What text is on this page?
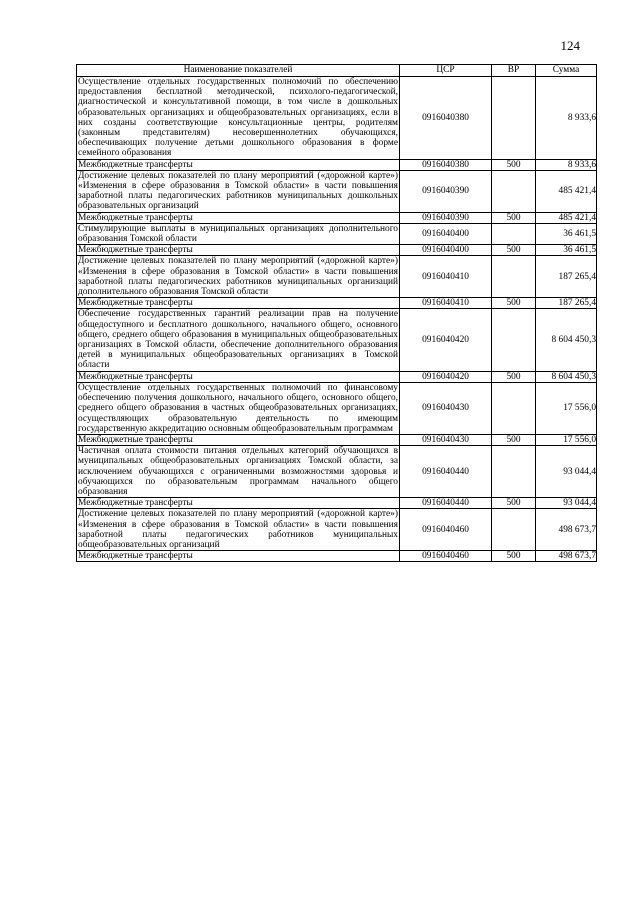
124
Наименование показателей	ЦСР	ВР	Сумма
Осуществление отдельных государственных полномочий по обеспечению предоставления бесплатной методической, психолого-педагогической, диагностической и консультативной помощи, в том числе в дошкольных образовательных организациях и общеобразовательных организациях, если в них созданы соответствующие консультационные центры, родителям (законным представителям) несовершеннолетних обучающихся, обеспечивающих получение детьми дошкольного образования в форме семейного образования	0916040380		8 933,6
Межбюджетные трансферты	0916040380	500	8 933,6
Достижение целевых показателей по плану мероприятий («дорожной карте») «Изменения в сфере образования в Томской области» в части повышения заработной платы педагогических работников муниципальных дошкольных образовательных организаций	0916040390		485 421,4
Межбюджетные трансферты	0916040390	500	485 421,4
Стимулирующие выплаты в муниципальных организациях дополнительного образования Томской области	0916040400		36 461,5
Межбюджетные трансферты	0916040400	500	36 461,5
Достижение целевых показателей по плану мероприятий («дорожной карте») «Изменения в сфере образования в Томской области» в части повышения заработной платы педагогических работников муниципальных организаций дополнительного образования Томской области	0916040410		187 265,4
Межбюджетные трансферты	0916040410	500	187 265,4
Обеспечение государственных гарантий реализации прав на получение общедоступного и бесплатного дошкольного, начального общего, основного общего, среднего общего образования в муниципальных общеобразовательных организациях в Томской области, обеспечение дополнительного образования детей в муниципальных общеобразовательных организациях в Томской области	0916040420		8 604 450,3
Межбюджетные трансферты	0916040420	500	8 604 450,3
Осуществление отдельных государственных полномочий по финансовому обеспечению получения дошкольного, начального общего, основного общего, среднего общего образования в частных общеобразовательных организациях, осуществляющих образовательную деятельность по имеющим государственную аккредитацию основным общеобразовательным программам	0916040430		17 556,0
Межбюджетные трансферты	0916040430	500	17 556,0
Частичная оплата стоимости питания отдельных категорий обучающихся в муниципальных общеобразовательных организациях Томской области, за исключением обучающихся с ограниченными возможностями здоровья и обучающихся по образовательным программам начального общего образования	0916040440		93 044,4
Межбюджетные трансферты	0916040440	500	93 044,4
Достижение целевых показателей по плану мероприятий («дорожной карте») «Изменения в сфере образования в Томской области» в части повышения заработной платы педагогических работников муниципальных общеобразовательных организаций	0916040460		498 673,7
Межбюджетные трансферты	0916040460	500	498 673,7
